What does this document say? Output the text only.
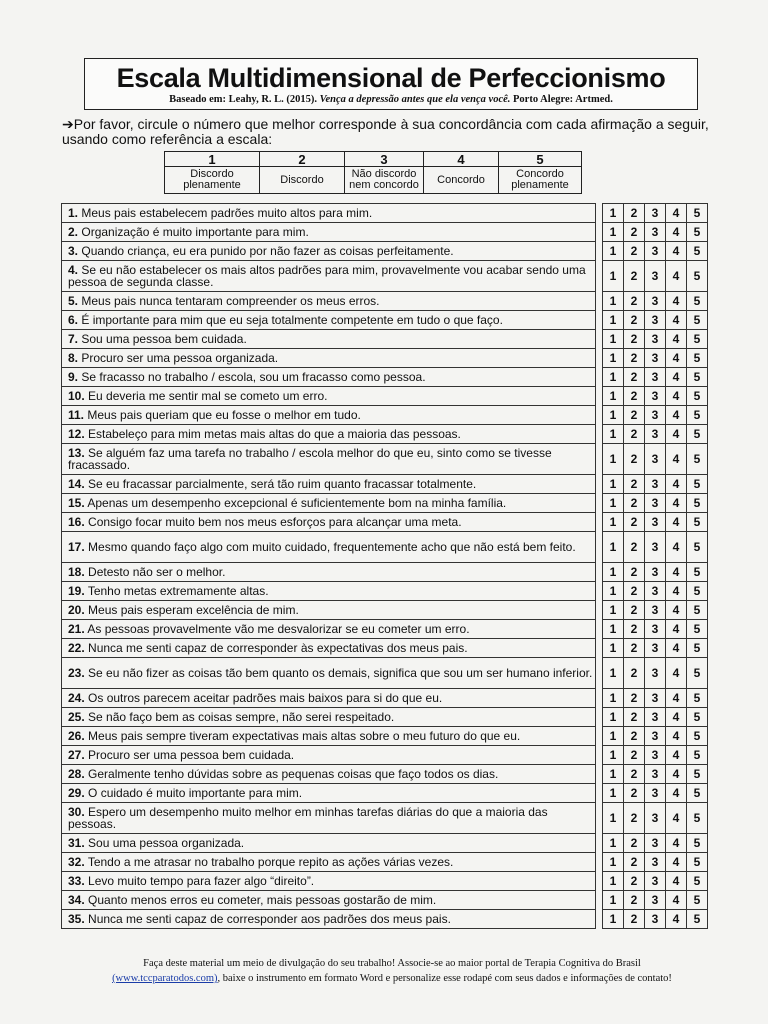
Escala Multidimensional de Perfeccionismo
Baseado em: Leahy, R. L. (2015). Vença a depressão antes que ela vença você. Porto Alegre: Artmed.
➔Por favor, circule o número que melhor corresponde à sua concordância com cada afirmação a seguir, usando como referência a escala:
1	2	3	4	5
Discordo plenamente	Discordo	Não discordo nem concordo	Concordo	Concordo plenamente
1. Meus pais estabelecem padrões muito altos para mim.		1	2	3	4	5
2. Organização é muito importante para mim.		1	2	3	4	5
3. Quando criança, eu era punido por não fazer as coisas perfeitamente.		1	2	3	4	5
4. Se eu não estabelecer os mais altos padrões para mim, provavelmente vou acabar sendo uma pessoa de segunda classe.		1	2	3	4	5
5. Meus pais nunca tentaram compreender os meus erros.		1	2	3	4	5
6. É importante para mim que eu seja totalmente competente em tudo o que faço.		1	2	3	4	5
7. Sou uma pessoa bem cuidada.		1	2	3	4	5
8. Procuro ser uma pessoa organizada.		1	2	3	4	5
9. Se fracasso no trabalho / escola, sou um fracasso como pessoa.		1	2	3	4	5
10. Eu deveria me sentir mal se cometo um erro.		1	2	3	4	5
11. Meus pais queriam que eu fosse o melhor em tudo.		1	2	3	4	5
12. Estabeleço para mim metas mais altas do que a maioria das pessoas.		1	2	3	4	5
13. Se alguém faz uma tarefa no trabalho / escola melhor do que eu, sinto como se tivesse fracassado.		1	2	3	4	5
14. Se eu fracassar parcialmente, será tão ruim quanto fracassar totalmente.		1	2	3	4	5
15. Apenas um desempenho excepcional é suficientemente bom na minha família.		1	2	3	4	5
16. Consigo focar muito bem nos meus esforços para alcançar uma meta.		1	2	3	4	5
17. Mesmo quando faço algo com muito cuidado, frequentemente acho que não está bem feito.		1	2	3	4	5
18. Detesto não ser o melhor.		1	2	3	4	5
19. Tenho metas extremamente altas.		1	2	3	4	5
20. Meus pais esperam excelência de mim.		1	2	3	4	5
21. As pessoas provavelmente vão me desvalorizar se eu cometer um erro.		1	2	3	4	5
22. Nunca me senti capaz de corresponder às expectativas dos meus pais.		1	2	3	4	5
23. Se eu não fizer as coisas tão bem quanto os demais, significa que sou um ser humano inferior.		1	2	3	4	5
24. Os outros parecem aceitar padrões mais baixos para si do que eu.		1	2	3	4	5
25. Se não faço bem as coisas sempre, não serei respeitado.		1	2	3	4	5
26. Meus pais sempre tiveram expectativas mais altas sobre o meu futuro do que eu.		1	2	3	4	5
27. Procuro ser uma pessoa bem cuidada.		1	2	3	4	5
28. Geralmente tenho dúvidas sobre as pequenas coisas que faço todos os dias.		1	2	3	4	5
29. O cuidado é muito importante para mim.		1	2	3	4	5
30. Espero um desempenho muito melhor em minhas tarefas diárias do que a maioria das pessoas.		1	2	3	4	5
31. Sou uma pessoa organizada.		1	2	3	4	5
32. Tendo a me atrasar no trabalho porque repito as ações várias vezes.		1	2	3	4	5
33. Levo muito tempo para fazer algo “direito”.		1	2	3	4	5
34. Quanto menos erros eu cometer, mais pessoas gostarão de mim.		1	2	3	4	5
35. Nunca me senti capaz de corresponder aos padrões dos meus pais.		1	2	3	4	5
Faça deste material um meio de divulgação do seu trabalho! Associe-se ao maior portal de Terapia Cognitiva do Brasil
(www.tccparatodos.com), baixe o instrumento em formato Word e personalize esse rodapé com seus dados e informações de contato!
